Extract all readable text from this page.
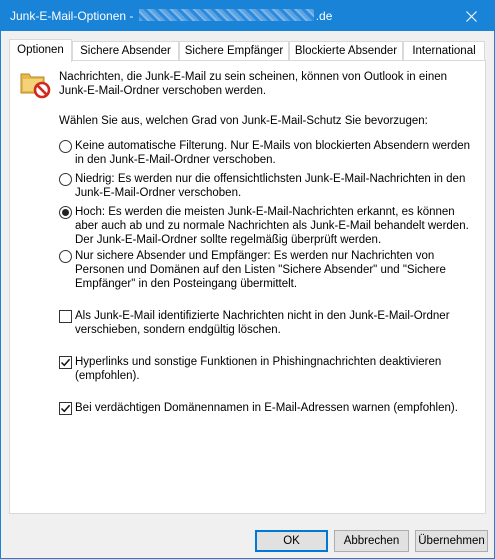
Junk-E-Mail-Optionen -	.de
Optionen	Sichere Absender	Sichere Empfänger	Blockierte Absender	International
Nachrichten, die Junk-E-Mail zu sein scheinen, können von Outlook in einen
Junk-E-Mail-Ordner verschoben werden.
Wählen Sie aus, welchen Grad von Junk-E-Mail-Schutz Sie bevorzugen:
Keine automatische Filterung. Nur E-Mails von blockierten Absendern werden
in den Junk-E-Mail-Ordner verschoben.
Niedrig: Es werden nur die offensichtlichsten Junk-E-Mail-Nachrichten in den
Junk-E-Mail-Ordner verschoben.
Hoch: Es werden die meisten Junk-E-Mail-Nachrichten erkannt, es können
aber auch ab und zu normale Nachrichten als Junk-E-Mail behandelt werden.
Der Junk-E-Mail-Ordner sollte regelmäßig überprüft werden.
Nur sichere Absender und Empfänger: Es werden nur Nachrichten von
Personen und Domänen auf den Listen "Sichere Absender" und "Sichere
Empfänger" in den Posteingang übermittelt.
Als Junk-E-Mail identifizierte Nachrichten nicht in den Junk-E-Mail-Ordner
verschieben, sondern endgültig löschen.
Hyperlinks und sonstige Funktionen in Phishingnachrichten deaktivieren
(empfohlen).
Bei verdächtigen Domänennamen in E-Mail-Adressen warnen (empfohlen).
OK	Abbrechen	Übernehmen
